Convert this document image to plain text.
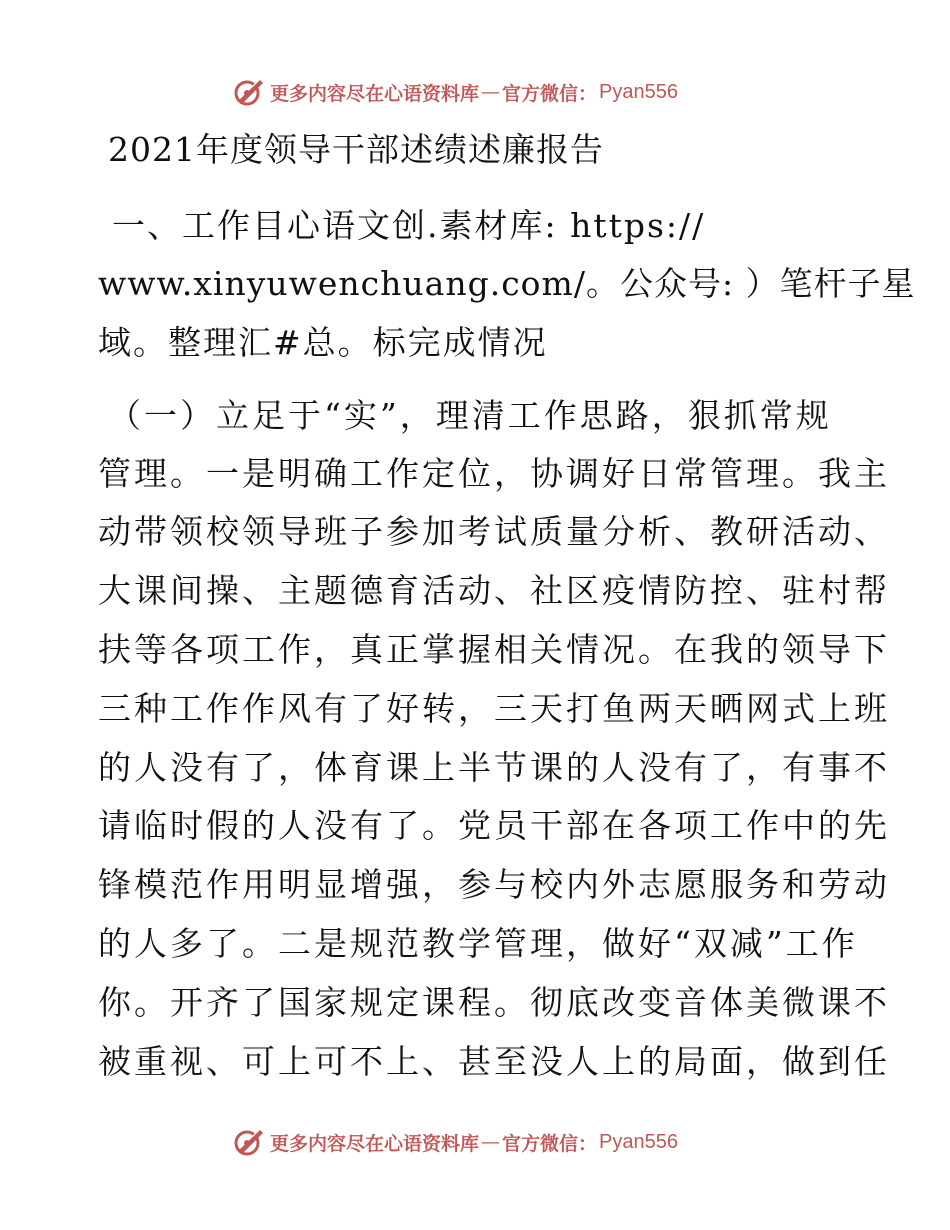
更多内容尽在心语资料库 — 官方微信： Pyan556
2021年度领导干部述绩述廉报告

一、工作目心语文创.素材库: https://

www.xinyuwenchuang.com/。公众号: ）笔杆子星

域。整理汇#总。标完成情况

（一）立足于“实”，理清工作思路，狠抓常规

管理。一是明确工作定位，协调好日常管理。我主

动带领校领导班子参加考试质量分析、教研活动、

大课间操、主题德育活动、社区疫情防控、驻村帮

扶等各项工作，真正掌握相关情况。在我的领导下

三种工作作风有了好转，三天打鱼两天晒网式上班

的人没有了，体育课上半节课的人没有了，有事不

请临时假的人没有了。党员干部在各项工作中的先

锋模范作用明显增强，参与校内外志愿服务和劳动

的人多了。二是规范教学管理，做好“双减”工作

你。开齐了国家规定课程。彻底改变音体美微课不

被重视、可上可不上、甚至没人上的局面，做到任

更多内容尽在心语资料库 — 官方微信： Pyan556
